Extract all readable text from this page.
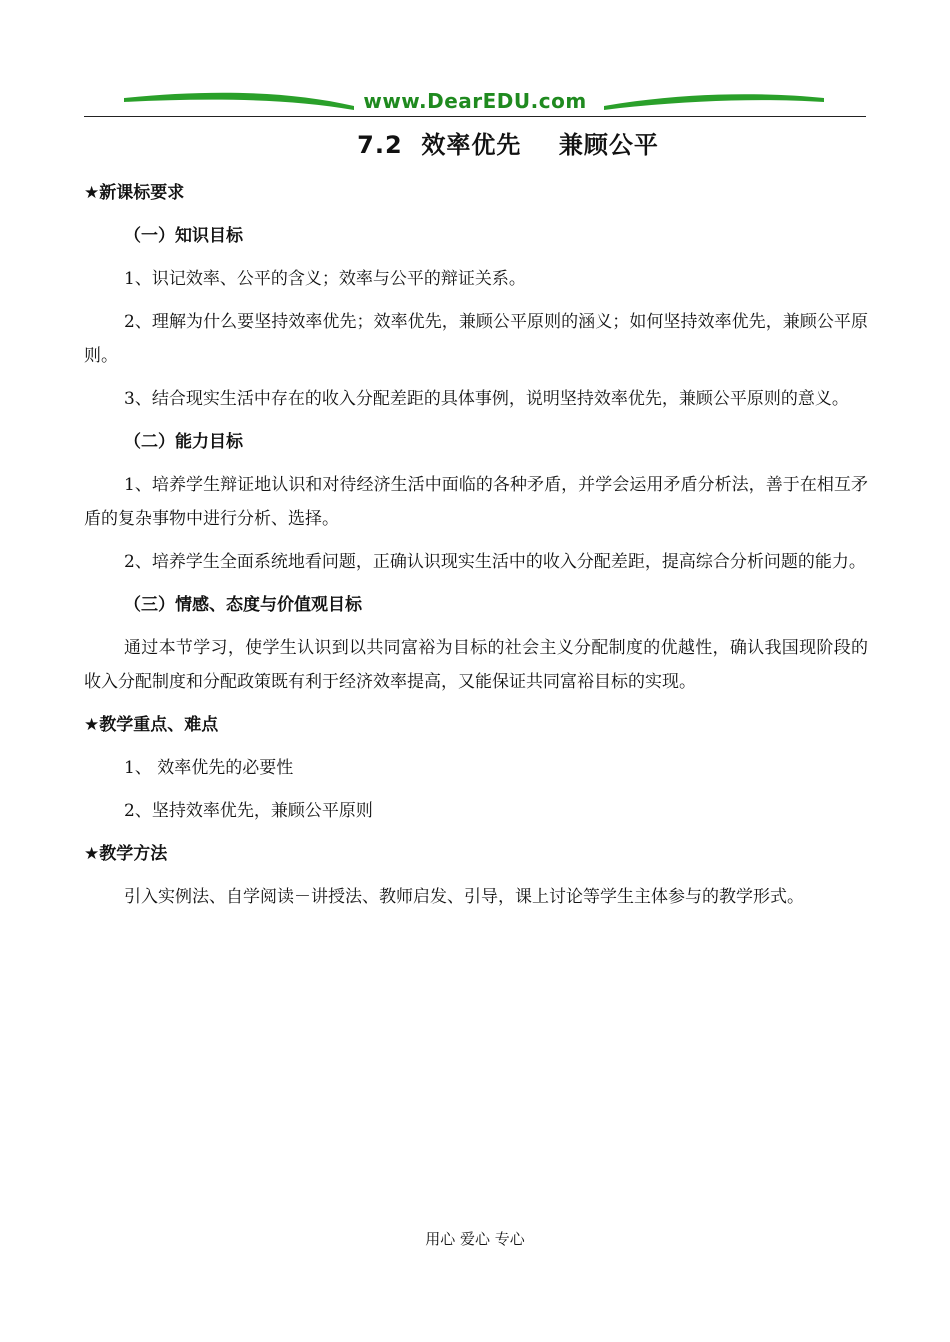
www.DearEDU.com
7.2  效率优先    兼顾公平

★新课标要求

（一）知识目标

1、识记效率、公平的含义；效率与公平的辩证关系。

2、理解为什么要坚持效率优先；效率优先，兼顾公平原则的涵义；如何坚持效率优先，兼顾公平原则。

3、结合现实生活中存在的收入分配差距的具体事例，说明坚持效率优先，兼顾公平原则的意义。

（二）能力目标

1、培养学生辩证地认识和对待经济生活中面临的各种矛盾，并学会运用矛盾分析法，善于在相互矛盾的复杂事物中进行分析、选择。

2、培养学生全面系统地看问题，正确认识现实生活中的收入分配差距，提高综合分析问题的能力。

（三）情感、态度与价值观目标

通过本节学习，使学生认识到以共同富裕为目标的社会主义分配制度的优越性，确认我国现阶段的收入分配制度和分配政策既有利于经济效率提高，又能保证共同富裕目标的实现。

★教学重点、难点

1、 效率优先的必要性

2、坚持效率优先，兼顾公平原则

★教学方法

引入实例法、自学阅读－讲授法、教师启发、引导，课上讨论等学生主体参与的教学形式。

用心 爱心 专心
